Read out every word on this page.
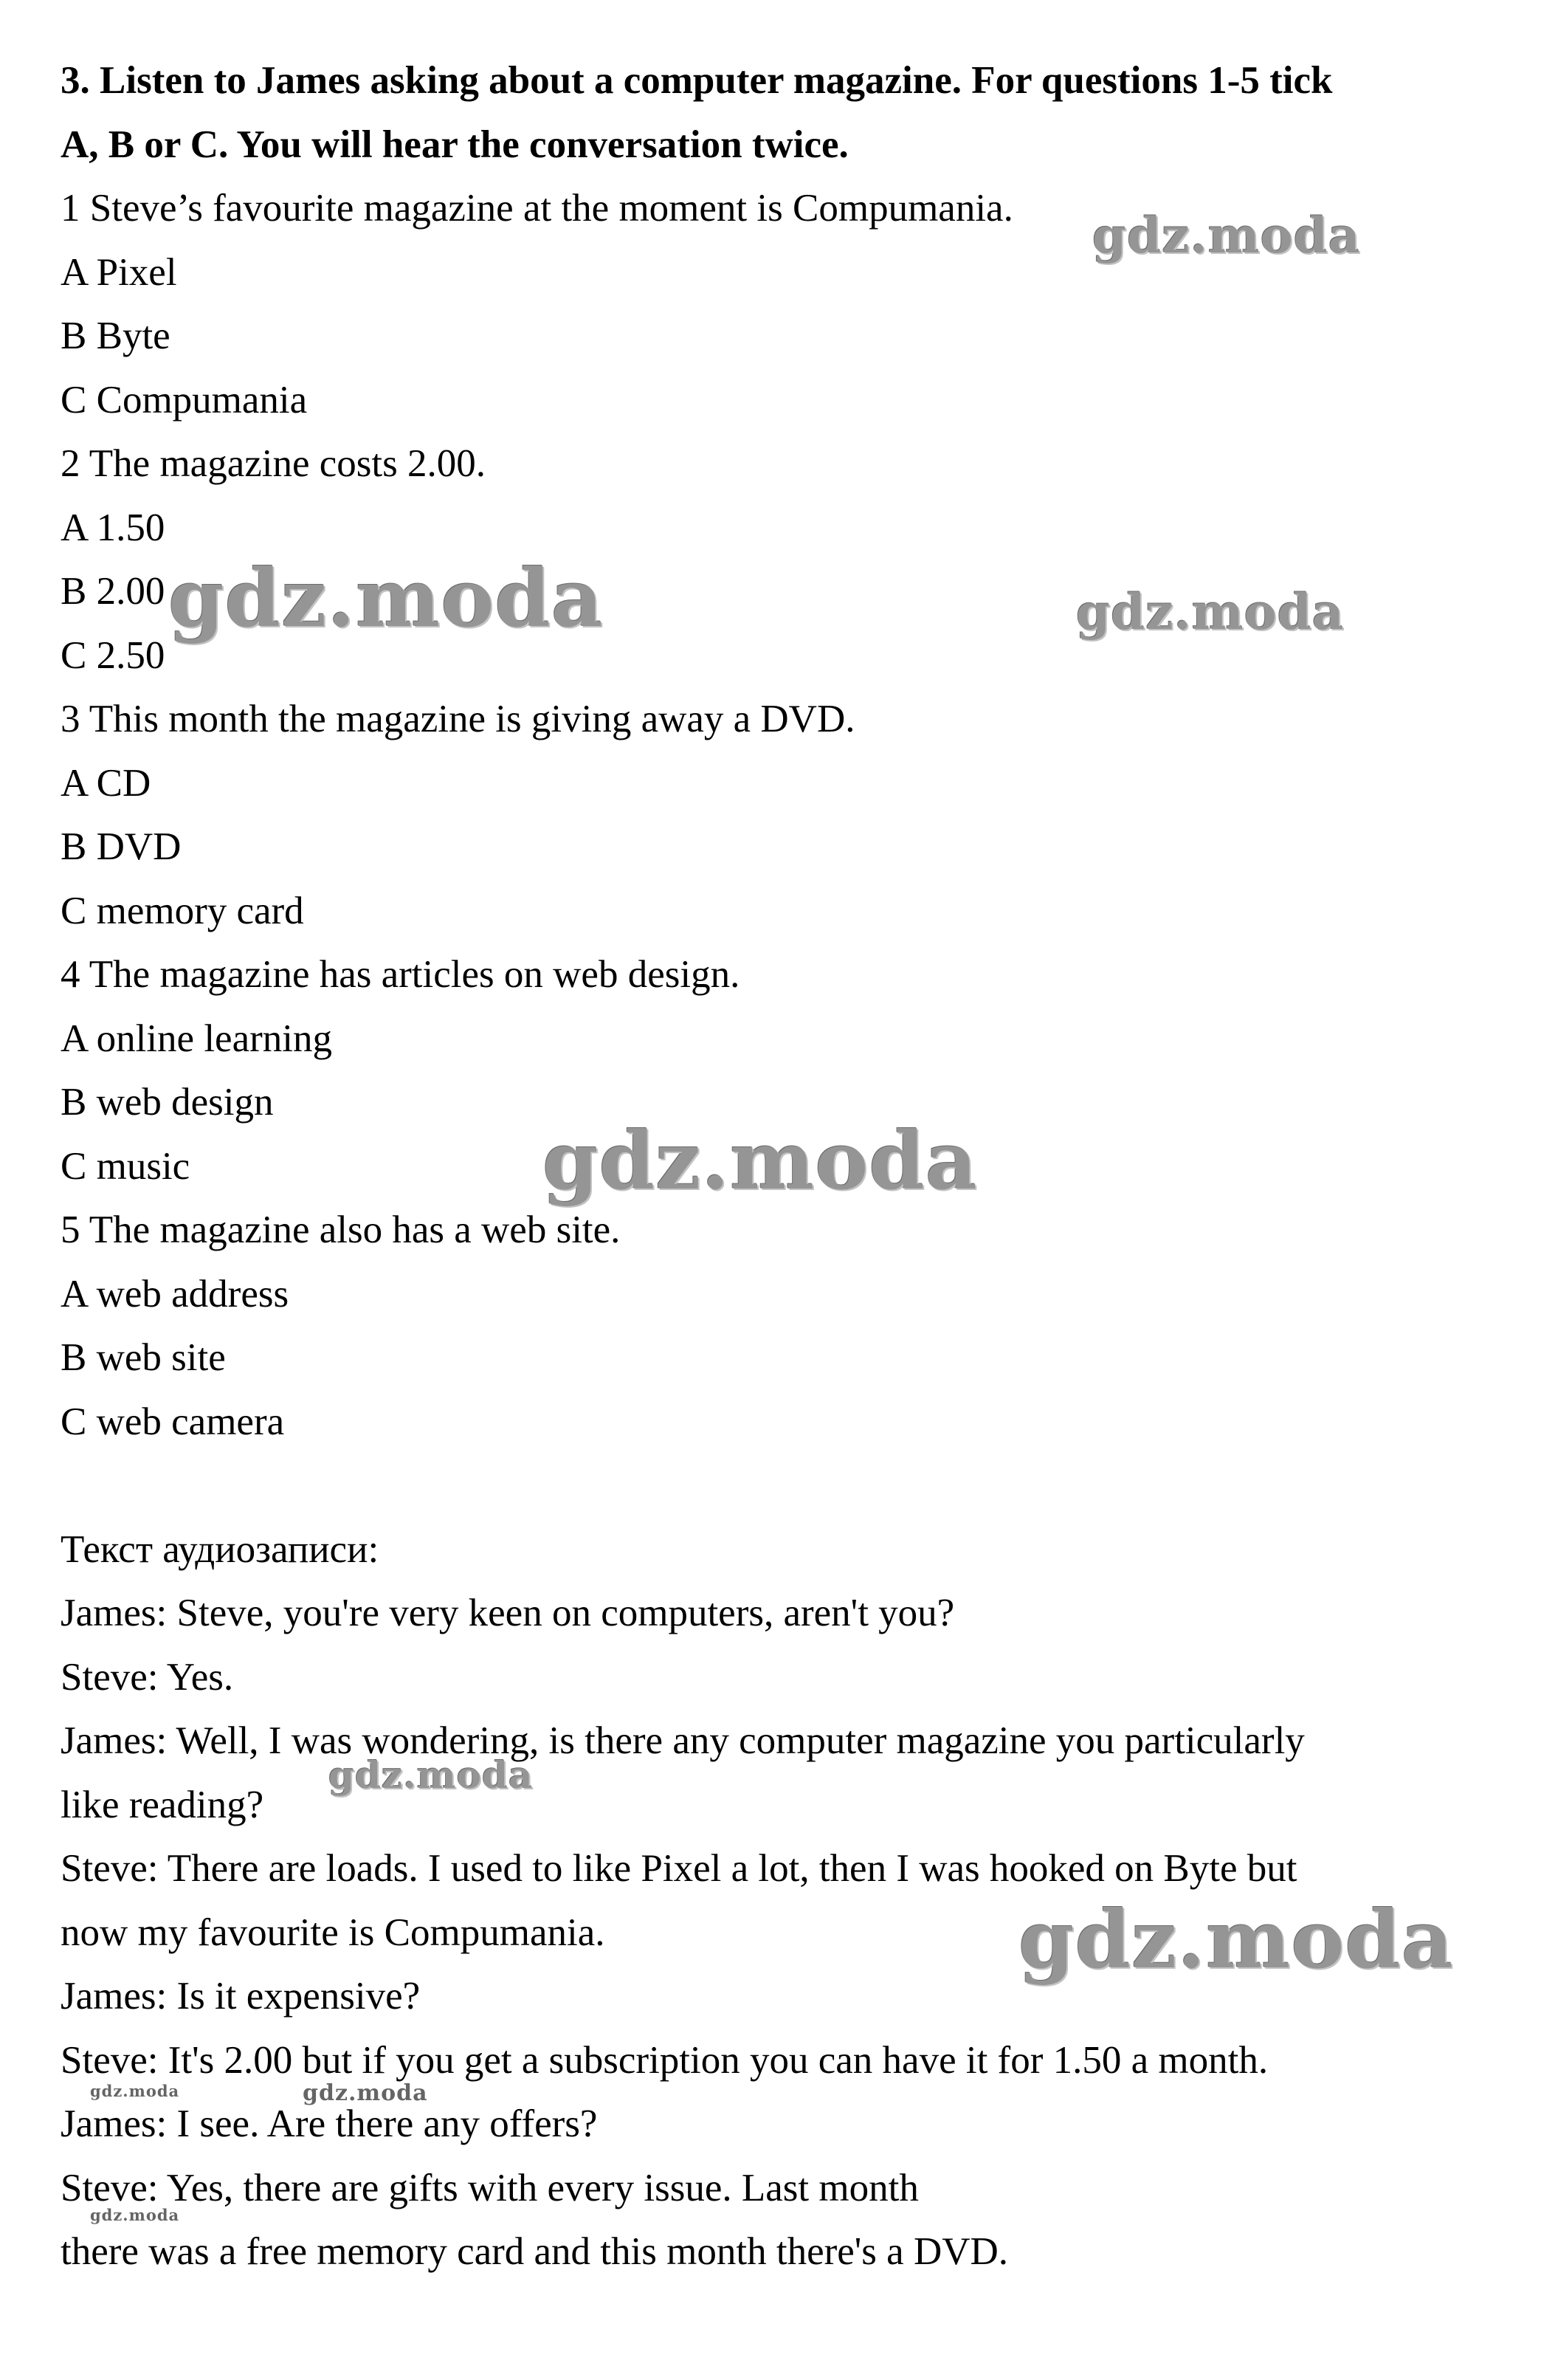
3. Listen to James asking about a computer magazine. For questions 1-5 tick

A, B or C. You will hear the conversation twice.

1 Steve’s favourite magazine at the moment is Compumania.

A Pixel

B Byte

C Compumania

2 The magazine costs 2.00.

A 1.50

B 2.00

C 2.50

3 This month the magazine is giving away a DVD.

A CD

B DVD

C memory card

4 The magazine has articles on web design.

A online learning

B web design

C music

5 The magazine also has a web site.

A web address

B web site

C web camera

Текст аудиозаписи:

James: Steve, you're very keen on computers, aren't you?

Steve: Yes.

James: Well, I was wondering, is there any computer magazine you particularly

like reading?

Steve: There are loads. I used to like Pixel a lot, then I was hooked on Byte but

now my favourite is Compumania.

James: Is it expensive?

Steve: It's 2.00 but if you get a subscription you can have it for 1.50 a month.

James: I see. Are there any offers?

Steve: Yes, there are gifts with every issue. Last month

there was a free memory card and this month there's a DVD.

gdz.moda
gdz.moda	gdz.moda
gdz.moda
gdz.moda
gdz.moda
gdz.moda	gdz.moda
gdz.moda
